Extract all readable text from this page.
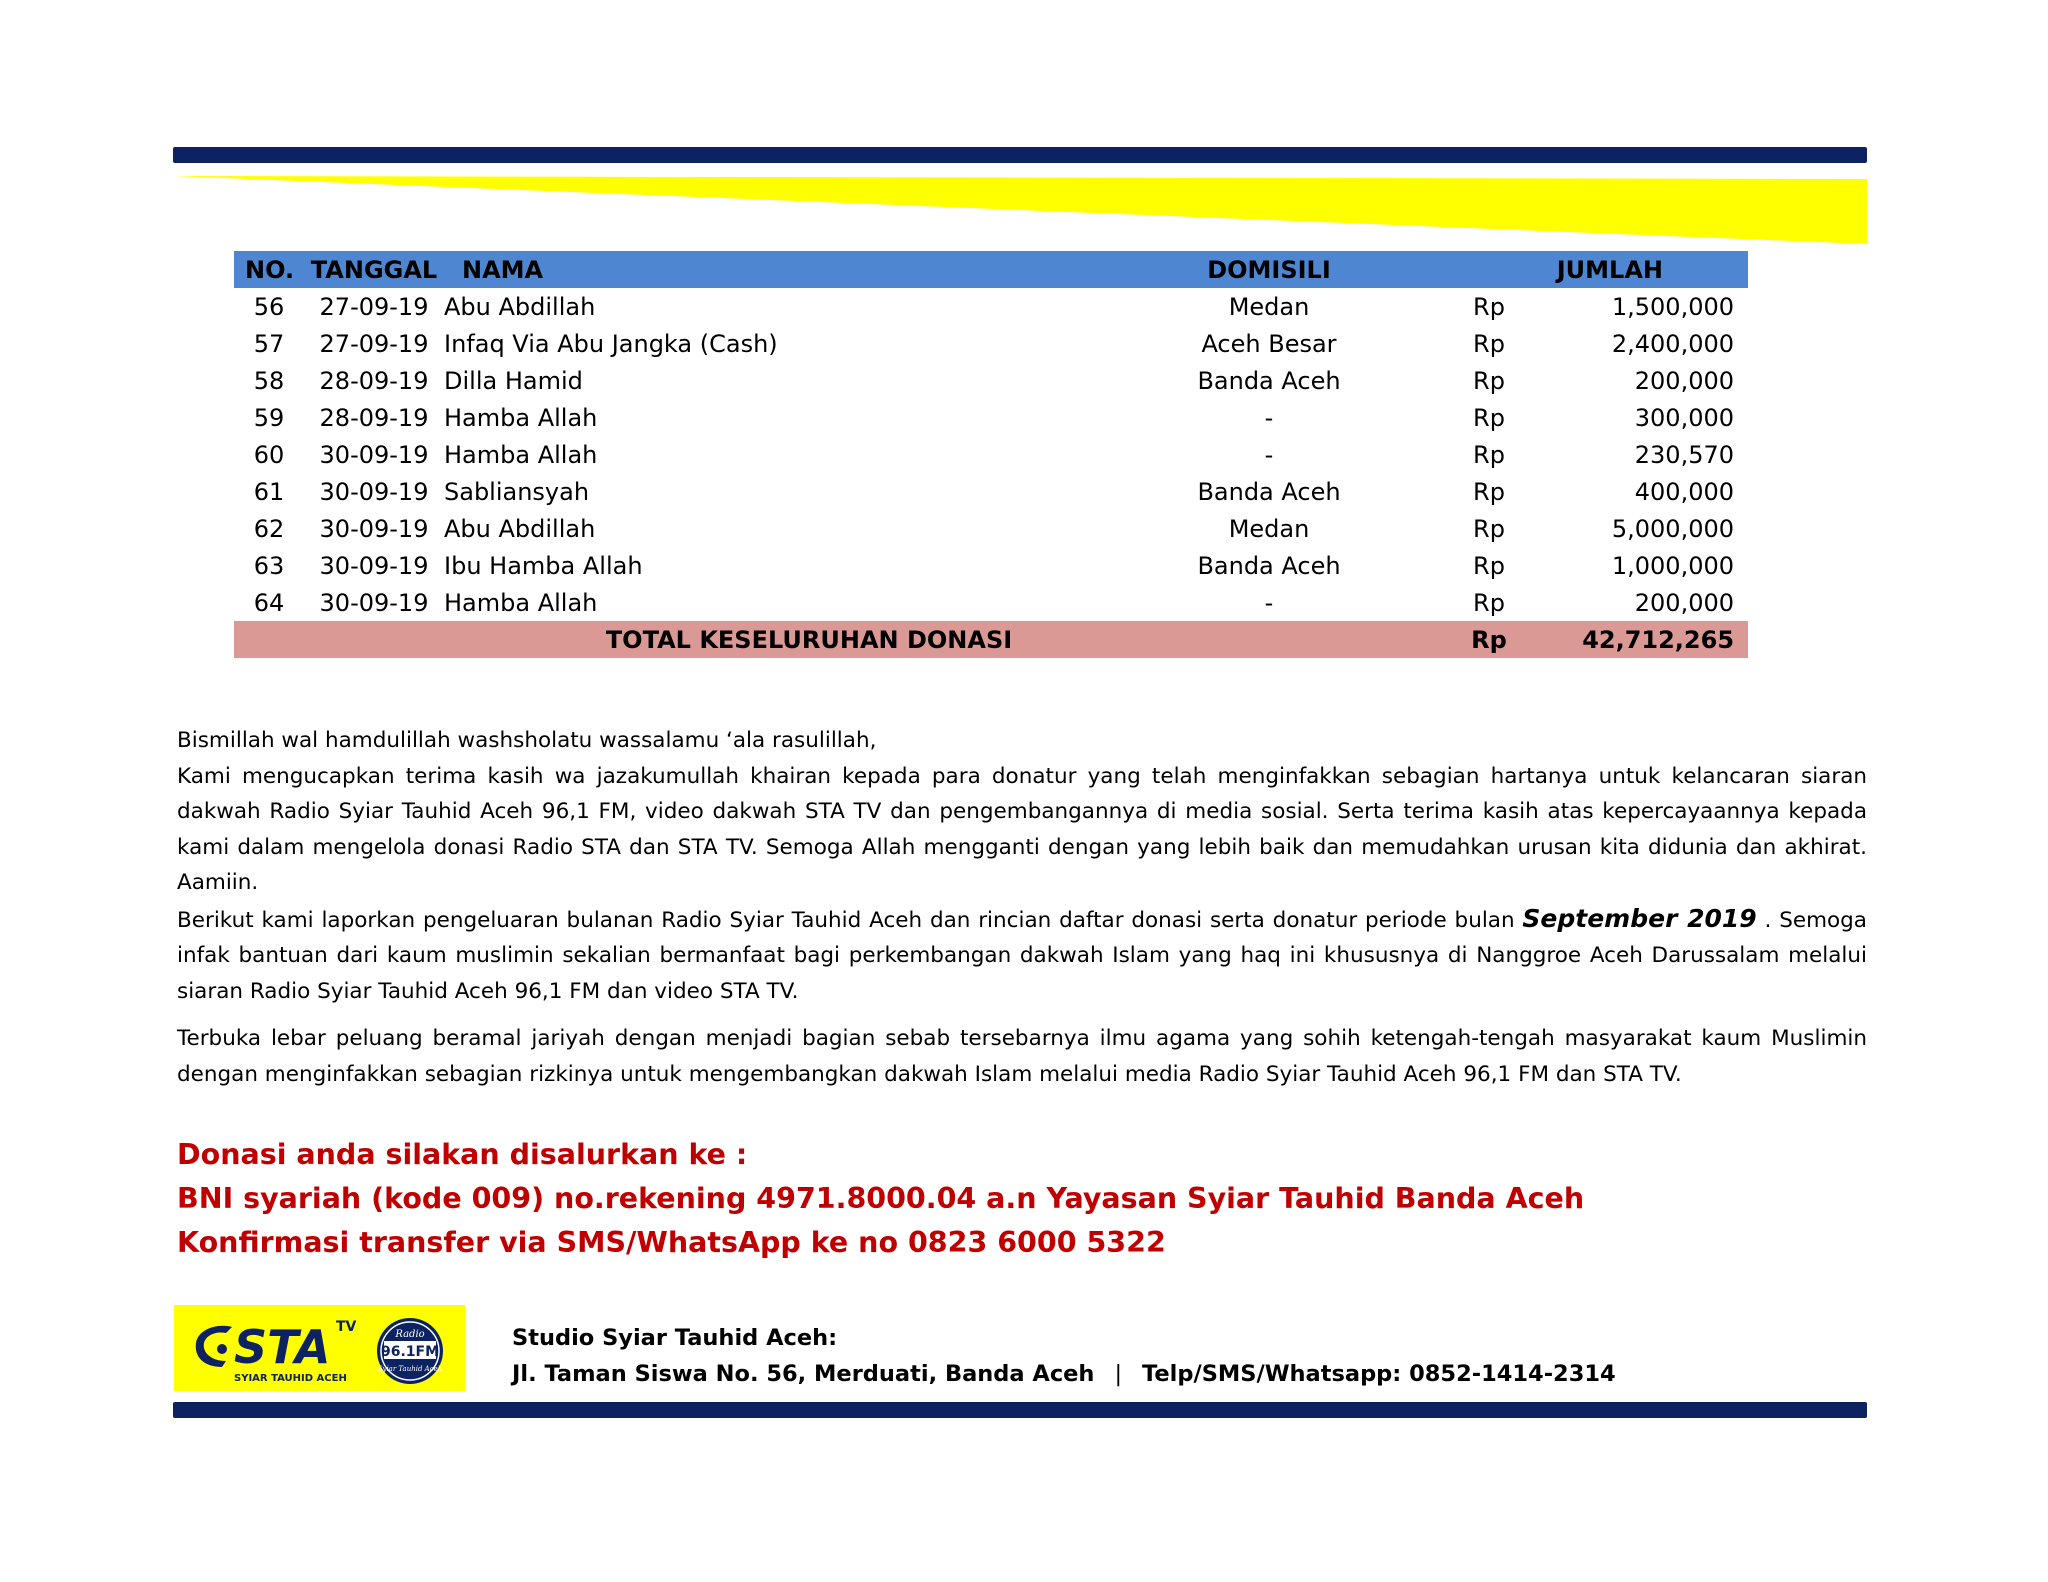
NO.	TANGGAL	NAMA	DOMISILI	JUMLAH	
56	27-09-19	Abu Abdillah	Medan	Rp	1,500,000
57	27-09-19	Infaq Via Abu Jangka (Cash)	Aceh Besar	Rp	2,400,000
58	28-09-19	Dilla Hamid	Banda Aceh	Rp	200,000
59	28-09-19	Hamba Allah	-	Rp	300,000
60	30-09-19	Hamba Allah	-	Rp	230,570
61	30-09-19	Sabliansyah	Banda Aceh	Rp	400,000
62	30-09-19	Abu Abdillah	Medan	Rp	5,000,000
63	30-09-19	Ibu Hamba Allah	Banda Aceh	Rp	1,000,000
64	30-09-19	Hamba Allah	-	Rp	200,000
TOTAL KESELURUHAN DONASI				Rp	42,712,265
Bismillah wal hamdulillah washsholatu wassalamu ‘ala rasulillah,
Kami mengucapkan terima kasih wa jazakumullah khairan kepada para donatur yang telah menginfakkan sebagian hartanya untuk kelancaran siaran dakwah Radio Syiar Tauhid Aceh 96,1 FM, video dakwah STA TV dan pengembangannya di media sosial. Serta terima kasih atas kepercayaannya kepada kami dalam mengelola donasi Radio STA dan STA TV. Semoga Allah mengganti dengan yang lebih baik dan memudahkan urusan kita didunia dan akhirat. Aamiin.
Berikut kami laporkan pengeluaran bulanan Radio Syiar Tauhid Aceh dan rincian daftar donasi serta donatur periode bulan September 2019 . Semoga infak bantuan dari kaum muslimin sekalian bermanfaat bagi perkembangan dakwah Islam yang haq ini khususnya di Nanggroe Aceh Darussalam melalui siaran Radio Syiar Tauhid Aceh 96,1 FM dan video STA TV.
Terbuka lebar peluang beramal jariyah dengan menjadi bagian sebab tersebarnya ilmu agama yang sohih ketengah-tengah masyarakat kaum Muslimin dengan menginfakkan sebagian rizkinya untuk mengembangkan dakwah Islam melalui media Radio Syiar Tauhid Aceh 96,1 FM dan STA TV.
Donasi anda silakan disalurkan ke :
BNI syariah (kode 009) no.rekening 4971.8000.04 a.n Yayasan Syiar Tauhid Banda Aceh
Konfirmasi transfer via SMS/WhatsApp ke no 0823 6000 5322
STA TV
SYIAR TAUHID ACEH
Radio
96.1FM
Syiar Tauhid Aceh
Studio Syiar Tauhid Aceh:
Jl. Taman Siswa No. 56, Merduati, Banda Aceh | Telp/SMS/Whatsapp: 0852-1414-2314
